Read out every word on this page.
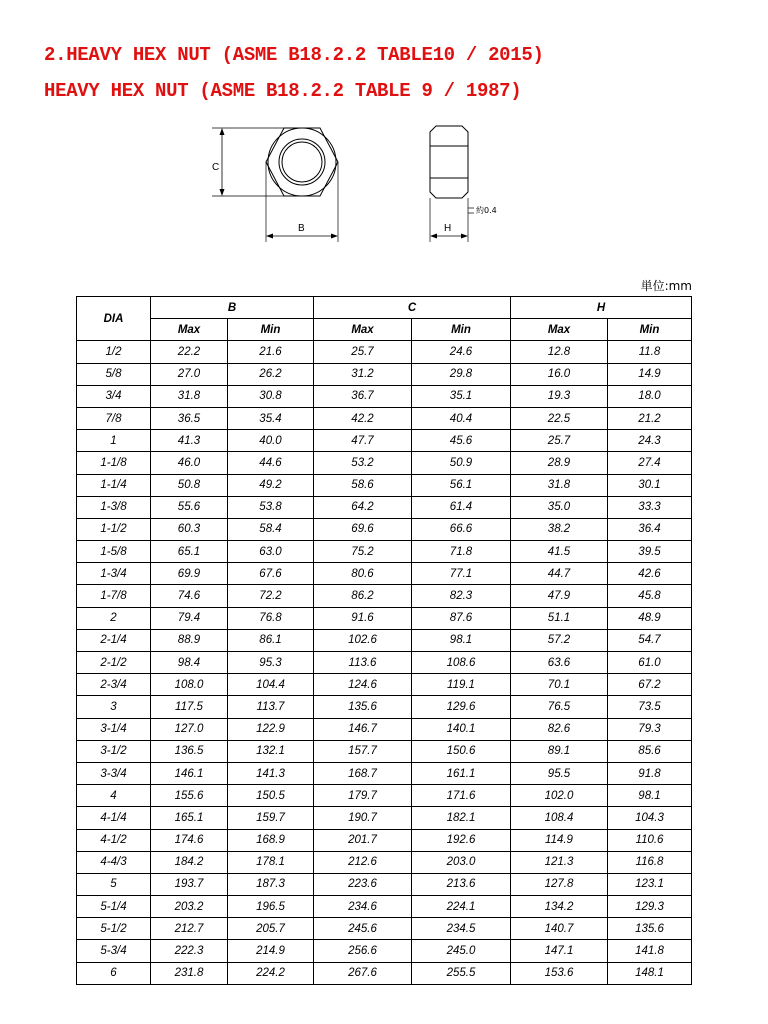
2.HEAVY HEX NUT (ASME B18.2.2 TABLE10 / 2015)
HEAVY HEX NUT (ASME B18.2.2 TABLE 9 / 1987)
C
B	H
約0.4
単位:mm
DIA	B		C		H	
	Max	Min	Max	Min	Max	Min
1/2	22.2	21.6	25.7	24.6	12.8	11.8
5/8	27.0	26.2	31.2	29.8	16.0	14.9
3/4	31.8	30.8	36.7	35.1	19.3	18.0
7/8	36.5	35.4	42.2	40.4	22.5	21.2
1	41.3	40.0	47.7	45.6	25.7	24.3
1-1/8	46.0	44.6	53.2	50.9	28.9	27.4
1-1/4	50.8	49.2	58.6	56.1	31.8	30.1
1-3/8	55.6	53.8	64.2	61.4	35.0	33.3
1-1/2	60.3	58.4	69.6	66.6	38.2	36.4
1-5/8	65.1	63.0	75.2	71.8	41.5	39.5
1-3/4	69.9	67.6	80.6	77.1	44.7	42.6
1-7/8	74.6	72.2	86.2	82.3	47.9	45.8
2	79.4	76.8	91.6	87.6	51.1	48.9
2-1/4	88.9	86.1	102.6	98.1	57.2	54.7
2-1/2	98.4	95.3	113.6	108.6	63.6	61.0
2-3/4	108.0	104.4	124.6	119.1	70.1	67.2
3	117.5	113.7	135.6	129.6	76.5	73.5
3-1/4	127.0	122.9	146.7	140.1	82.6	79.3
3-1/2	136.5	132.1	157.7	150.6	89.1	85.6
3-3/4	146.1	141.3	168.7	161.1	95.5	91.8
4	155.6	150.5	179.7	171.6	102.0	98.1
4-1/4	165.1	159.7	190.7	182.1	108.4	104.3
4-1/2	174.6	168.9	201.7	192.6	114.9	110.6
4-4/3	184.2	178.1	212.6	203.0	121.3	116.8
5	193.7	187.3	223.6	213.6	127.8	123.1
5-1/4	203.2	196.5	234.6	224.1	134.2	129.3
5-1/2	212.7	205.7	245.6	234.5	140.7	135.6
5-3/4	222.3	214.9	256.6	245.0	147.1	141.8
6	231.8	224.2	267.6	255.5	153.6	148.1
